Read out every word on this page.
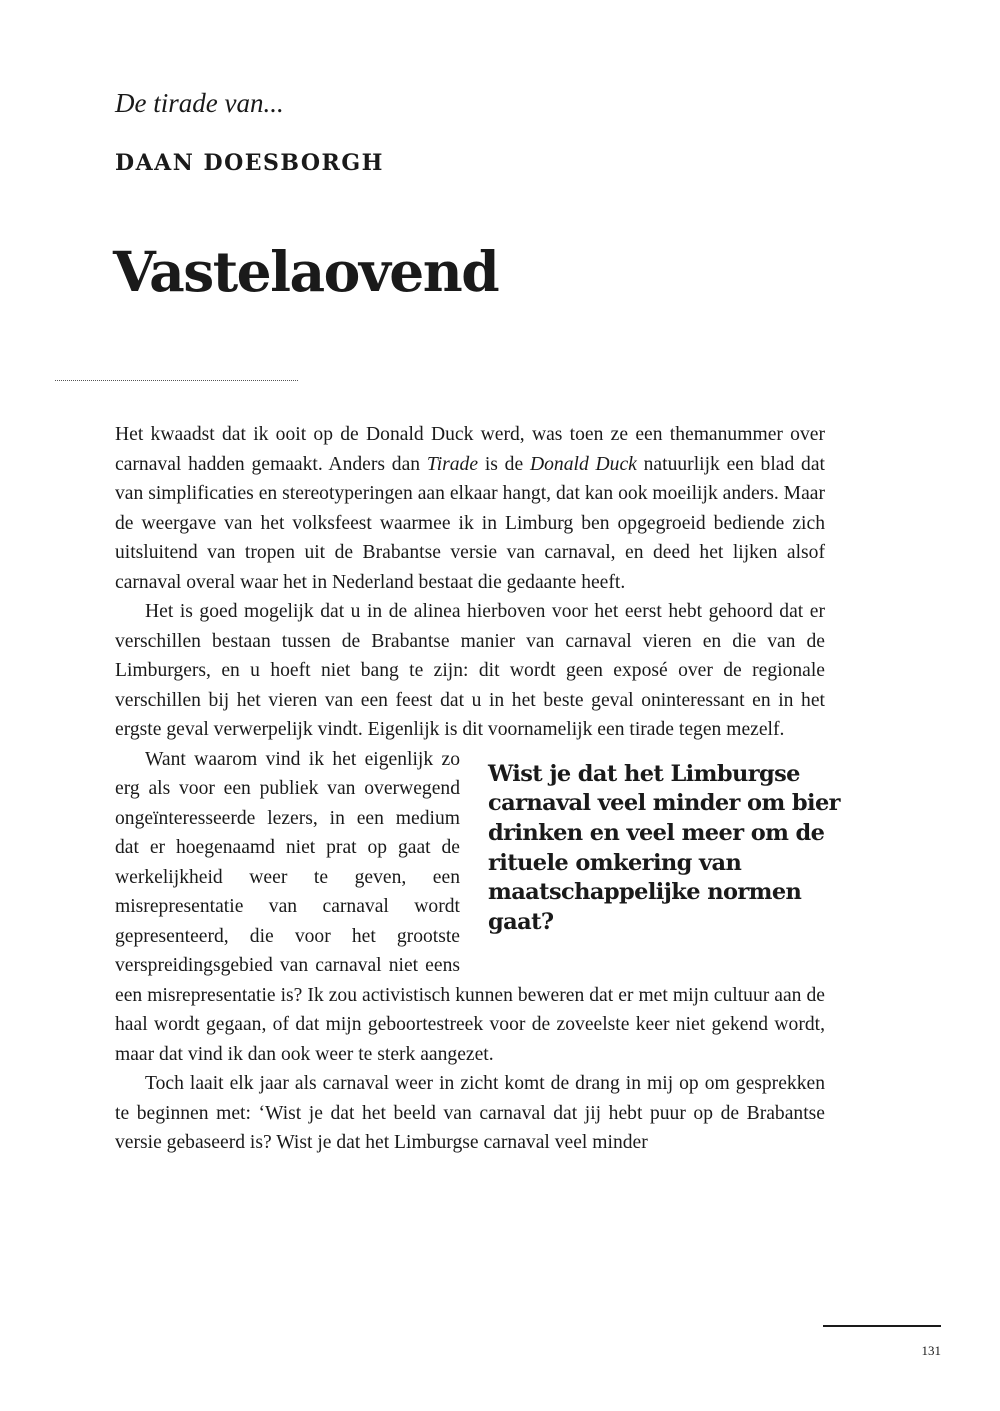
De tirade van...
DAAN DOESBORGH
Vastelaovend

Het kwaadst dat ik ooit op de Donald Duck werd, was toen ze een themanummer over carnaval hadden gemaakt. Anders dan Tirade is de Donald Duck natuurlijk een blad dat van simplificaties en stereotyperingen aan elkaar hangt, dat kan ook moeilijk anders. Maar de weergave van het volksfeest waarmee ik in Limburg ben opgegroeid bediende zich uitsluitend van tropen uit de Brabantse versie van carnaval, en deed het lijken alsof carnaval overal waar het in Nederland bestaat die gedaante heeft.

Het is goed mogelijk dat u in de alinea hierboven voor het eerst hebt gehoord dat er verschillen bestaan tussen de Brabantse manier van carnaval vieren en die van de Limburgers, en u hoeft niet bang te zijn: dit wordt geen exposé over de regionale verschillen bij het vieren van een feest dat u in het beste geval oninteressant en in het ergste geval verwerpelijk vindt. Eigenlijk is dit voornamelijk een tirade tegen mezelf.

Wist je dat het Limburgse carnaval veel minder om bier drinken en veel meer om de rituele omkering van maatschappelijke normen gaat?
Want waarom vind ik het eigenlijk zo erg als voor een publiek van overwegend ongeïnteresseerde lezers, in een medium dat er hoegenaamd niet prat op gaat de werkelijkheid weer te geven, een misrepresentatie van carnaval wordt gepresenteerd, die voor het grootste verspreidingsgebied van carnaval niet eens een misrepresentatie is? Ik zou activistisch kunnen beweren dat er met mijn cultuur aan de haal wordt gegaan, of dat mijn geboortestreek voor de zoveelste keer niet gekend wordt, maar dat vind ik dan ook weer te sterk aangezet.

Toch laait elk jaar als carnaval weer in zicht komt de drang in mij op om gesprekken te beginnen met: ‘Wist je dat het beeld van carnaval dat jij hebt puur op de Brabantse versie gebaseerd is? Wist je dat het Limburgse carnaval veel minder

131
